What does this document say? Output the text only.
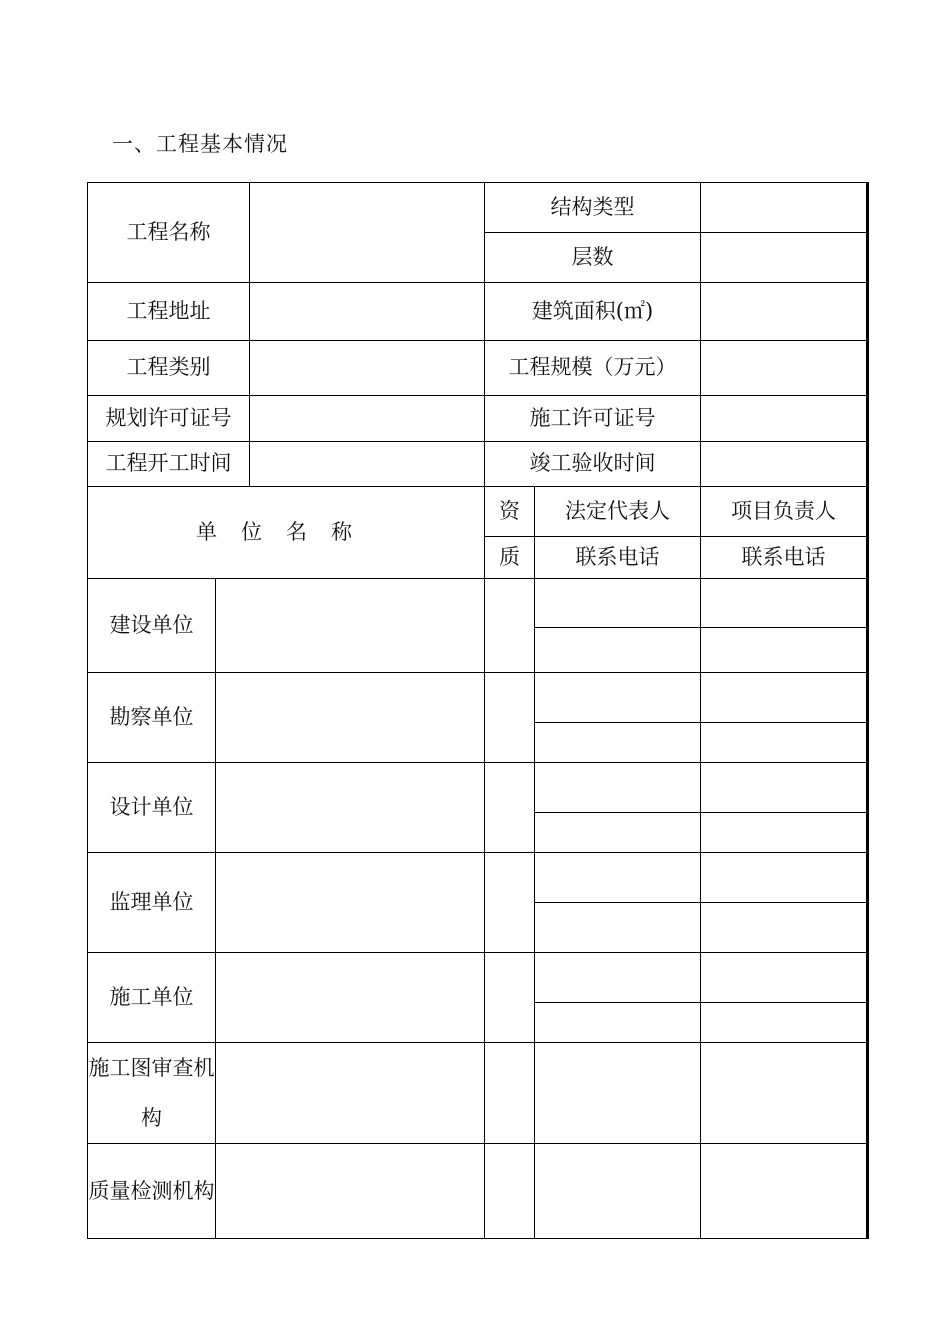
一、工程基本情况
工程名称			结构类型		
			层数		
工程地址			建筑面积(㎡)		
工程类别			工程规模（万元）		
规划许可证号			施工许可证号		
工程开工时间			竣工验收时间		
单位名称			资	法定代表人	项目负责人
			质	联系电话	联系电话
建设单位					

勘察单位					

设计单位					

监理单位					

施工单位					

施工图审查机构					
质量检测机构					
